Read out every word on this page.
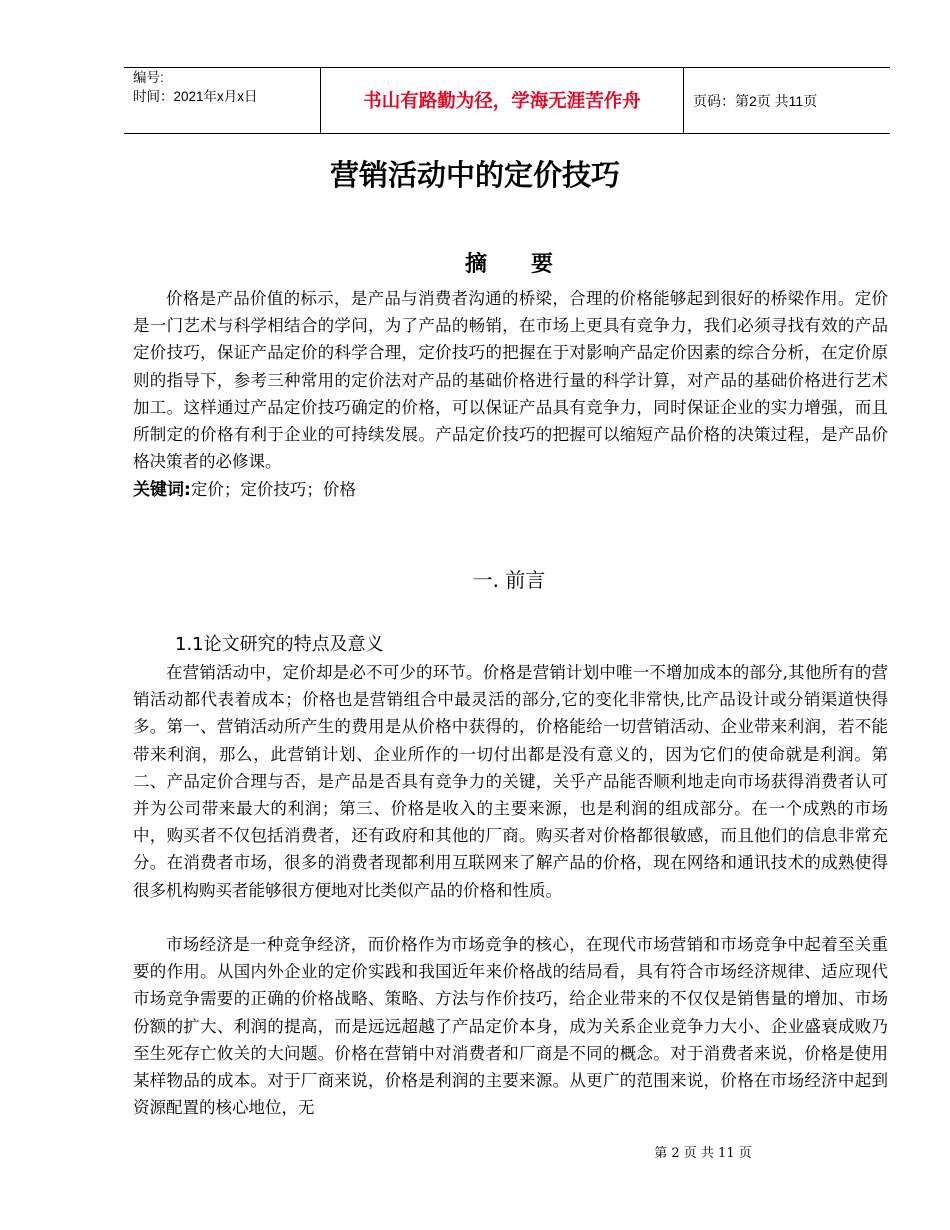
编号:
时间：2021年x月x日	书山有路勤为径，学海无涯苦作舟	页码：第2页 共11页
营销活动中的定价技巧
摘　　要

价格是产品价值的标示，是产品与消费者沟通的桥梁，合理的价格能够起到很好的桥梁作用。定价是一门艺术与科学相结合的学问，为了产品的畅销，在市场上更具有竞争力，我们必须寻找有效的产品定价技巧，保证产品定价的科学合理，定价技巧的把握在于对影响产品定价因素的综合分析，在定价原则的指导下，参考三种常用的定价法对产品的基础价格进行量的科学计算，对产品的基础价格进行艺术加工。这样通过产品定价技巧确定的价格，可以保证产品具有竞争力，同时保证企业的实力增强，而且所制定的价格有利于企业的可持续发展。产品定价技巧的把握可以缩短产品价格的决策过程，是产品价格决策者的必修课。

关键词:定价；定价技巧；价格
一. 前言
1.1论文研究的特点及意义

在营销活动中，定价却是必不可少的环节。价格是营销计划中唯一不增加成本的部分,其他所有的营销活动都代表着成本；价格也是营销组合中最灵活的部分,它的变化非常快,比产品设计或分销渠道快得多。第一、营销活动所产生的费用是从价格中获得的，价格能给一切营销活动、企业带来利润，若不能带来利润，那么，此营销计划、企业所作的一切付出都是没有意义的，因为它们的使命就是利润。第二、产品定价合理与否，是产品是否具有竞争力的关键，关乎产品能否顺利地走向市场获得消费者认可并为公司带来最大的利润；第三、价格是收入的主要来源，也是利润的组成部分。在一个成熟的市场中，购买者不仅包括消费者，还有政府和其他的厂商。购买者对价格都很敏感，而且他们的信息非常充分。在消费者市场，很多的消费者现都利用互联网来了解产品的价格，现在网络和通讯技术的成熟使得很多机构购买者能够很方便地对比类似产品的价格和性质。

市场经济是一种竞争经济，而价格作为市场竞争的核心，在现代市场营销和市场竞争中起着至关重要的作用。从国内外企业的定价实践和我国近年来价格战的结局看，具有符合市场经济规律、适应现代市场竞争需要的正确的价格战略、策略、方法与作价技巧，给企业带来的不仅仅是销售量的增加、市场份额的扩大、利润的提高，而是远远超越了产品定价本身，成为关系企业竞争力大小、企业盛衰成败乃至生死存亡攸关的大问题。价格在营销中对消费者和厂商是不同的概念。对于消费者来说，价格是使用某样物品的成本。对于厂商来说，价格是利润的主要来源。从更广的范围来说，价格在市场经济中起到资源配置的核心地位，无

第 2 页 共 11 页
